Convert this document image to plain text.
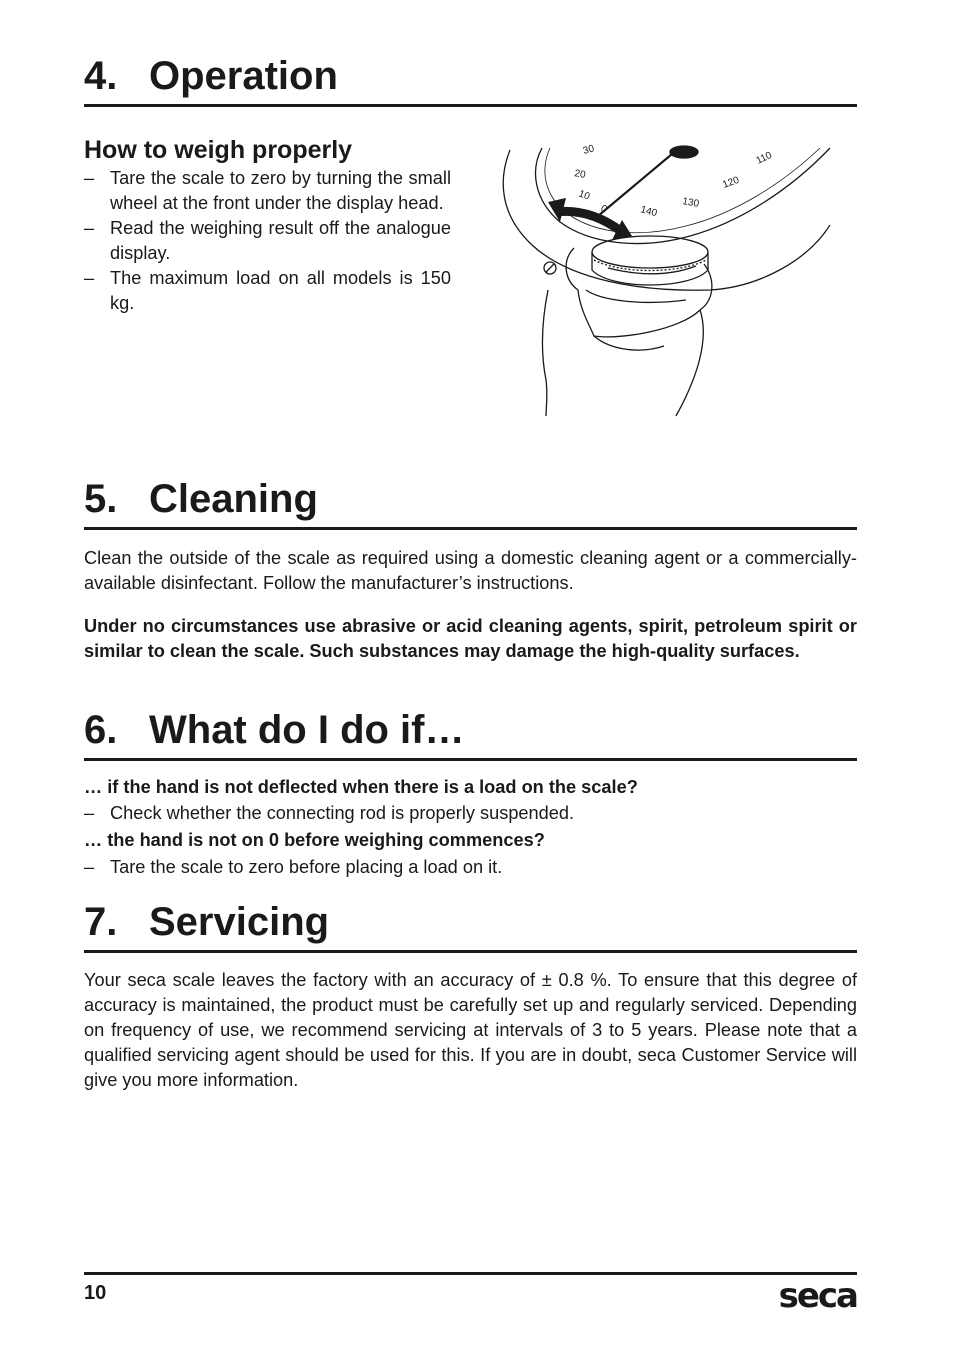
4. Operation
How to weigh properly
– Tare the scale to zero by turning the small wheel at the front under the display head.
– Read the weighing result off the analogue display.
– The maximum load on all models is 150 kg.
30
20
10
0	140
130
120
110
5. Cleaning

Clean the outside of the scale as required using a domestic cleaning agent or a commercially-available disinfectant. Follow the manufacturer’s instructions.

Under no circumstances use abrasive or acid cleaning agents, spirit, petroleum spirit or similar to clean the scale. Such substances may damage the high-quality surfaces.

6. What do I do if…
… if the hand is not deflected when there is a load on the scale?
– Check whether the connecting rod is properly suspended.
… the hand is not on 0 before weighing commences?
– Tare the scale to zero before placing a load on it.
7. Servicing

Your seca scale leaves the factory with an accuracy of ± 0.8 %. To ensure that this degree of accuracy is maintained, the product must be carefully set up and regularly serviced. Depending on frequency of use, we recommend servicing at intervals of 3 to 5 years. Please note that a qualified servicing agent should be used for this. If you are in doubt, seca Customer Service will give you more information.

10	seca
